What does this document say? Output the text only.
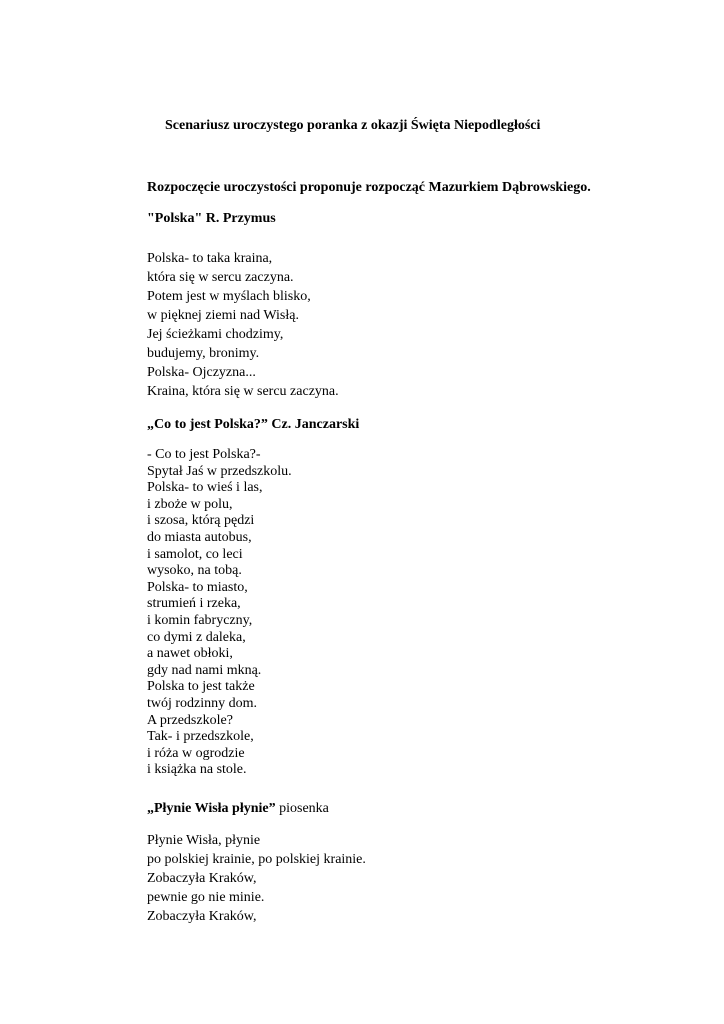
Scenariusz uroczystego poranka z okazji Święta Niepodległości
Rozpoczęcie uroczystości proponuje rozpocząć Mazurkiem Dąbrowskiego.
"Polska" R. Przymus
Polska- to taka kraina,
która się w sercu zaczyna.
Potem jest w myślach blisko,
w pięknej ziemi nad Wisłą.
Jej ścieżkami chodzimy,
budujemy, bronimy.
Polska- Ojczyzna...
Kraina, która się w sercu zaczyna.
„Co to jest Polska?” Cz. Janczarski
- Co to jest Polska?-
Spytał Jaś w przedszkolu.
Polska- to wieś i las,
i zboże w polu,
i szosa, którą pędzi
do miasta autobus,
i samolot, co leci
wysoko, na tobą.
Polska- to miasto,
strumień i rzeka,
i komin fabryczny,
co dymi z daleka,
a nawet obłoki,
gdy nad nami mkną.
Polska to jest także
twój rodzinny dom.
A przedszkole?
Tak- i przedszkole,
i róża w ogrodzie
i książka na stole.
„Płynie Wisła płynie” piosenka
Płynie Wisła, płynie
po polskiej krainie, po polskiej krainie.
Zobaczyła Kraków,
pewnie go nie minie.
Zobaczyła Kraków,
